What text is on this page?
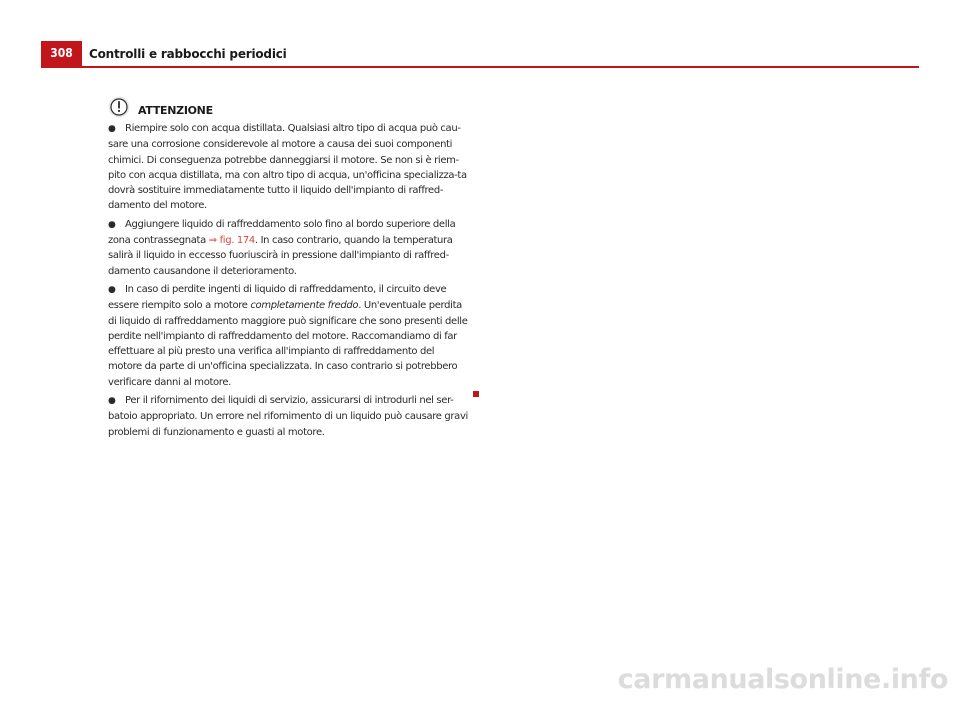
308	Controlli e rabbocchi periodici
ATTENZIONE
● Riempire solo con acqua distillata. Qualsiasi altro tipo di acqua può cau-sare una corrosione considerevole al motore a causa dei suoi componenti chimici. Di conseguenza potrebbe danneggiarsi il motore. Se non si è riem-pito con acqua distillata, ma con altro tipo di acqua, un'officina specializza-ta dovrà sostituire immediatamente tutto il liquido dell'impianto di raffred-damento del motore.
● Aggiungere liquido di raffreddamento solo fino al bordo superiore della zona contrassegnata ⇒ fig. 174. In caso contrario, quando la temperatura salirà il liquido in eccesso fuoriuscirà in pressione dall'impianto di raffred-damento causandone il deterioramento.
● In caso di perdite ingenti di liquido di raffreddamento, il circuito deve essere riempito solo a motore completamente freddo. Un'eventuale perdita di liquido di raffreddamento maggiore può significare che sono presenti delle perdite nell'impianto di raffreddamento del motore. Raccomandiamo di far effettuare al più presto una verifica all'impianto di raffreddamento del motore da parte di un'officina specializzata. In caso contrario si potrebbero verificare danni al motore.
● Per il rifornimento dei liquidi di servizio, assicurarsi di introdurli nel ser-batoio appropriato. Un errore nel rifornimento di un liquido può causare gravi problemi di funzionamento e guasti al motore.
carmanualsonline.info
